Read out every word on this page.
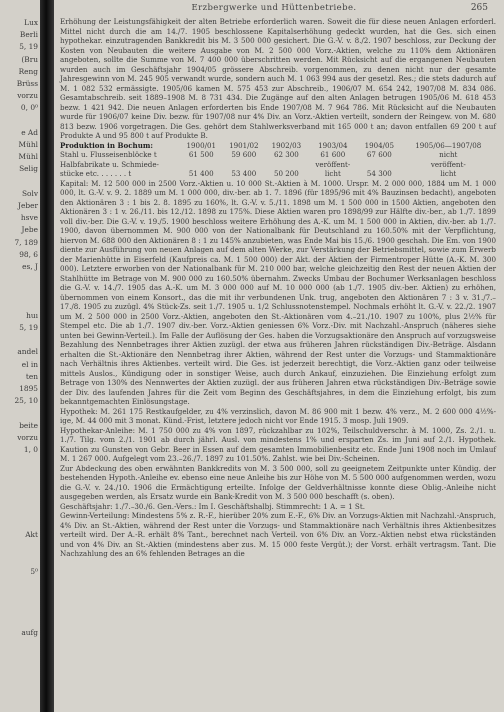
Lux
Berli
5, 19
(Bru
Reng
Brüss
vorzu
0, 0⁰
e Ad
Mühl
Mühl
Selig
Solv
Jeber
hsve
Jebe
7, 189
98, 6
es, J
huı
5, 19
andel
el in
ten
1895
25, 10
beite
vorzu
1, 0
Akt
5⁰
aufg
Erzbergwerke und Hüttenbetriebe.	265

Erhöhung der Leistungsfähigkeit der alten Betriebe erforderlich waren. Soweit die für diese neuen Anlagen erforderl. Mittel nicht durch die am 14./7. 1905 beschlossene Kapitalserhöhung gedeckt wurden, hat die Ges. sich einen hypothekar. einzutragenden Bankkredit bis M. 3 500 000 gesichert. Die G.-V. v. 8./2. 1907 beschloss, zur Deckung der Kosten von Neubauten die weitere Ausgabe von M. 2 500 000 Vorz.-Aktien, welche zu 110% dem Aktionären angeboten, sollte die Summe von M. 7 400 000 überschritten werden. Mit Rücksicht auf die ergangenen Neubauten wurden auch im Geschäftsjahr 1904/05 grössere Abschreib. vorgenommen, zu denen nicht nur der gesamte Jahresgewinn von M. 245 905 verwandt wurde, sondern auch M. 1 063 994 aus der gesetzl. Res.; die stets dadurch auf M. 1 082 532 ermässigte. 1905/06 kamen M. 575 453 zur Abschreib., 1906/07 M. 654 242, 1907/08 M. 834 086. Gesamtabschreib. seit 1889–1908 M. 8 731 434. Die Zugänge auf den alten Anlagen betrugen 1905/06 M. 618 453 bezw. 1 421 942. Die neuen Anlagen erforderten bis Ende 1907/08 M. 7 964 786. Mit Rücksicht auf die Neubauten wurde für 1906/07 keine Div. bezw. für 1907/08 nur 4% Div. an Vorz.-Aktien verteilt, sondern der Reingew. von M. 680 813 bezw. 1906 vorgetragen. Die Ges. gehört dem Stahlwerksverband mit 165 000 t an; davon entfallen 69 200 t auf Produkte A und 95 800 t auf Produkte B.

Produktion in Bochum:	1900/01	1901/02	1902/03	1903/04	1904/05	1905/06—1907/08
Stahl u. Flusseisenblöcke t	61 500	59 600	62 300	61 600	67 600	nicht
Halbfabrikate u. Schmiede-				veröffent-		veröffent-
stücke etc. . . . . . . t	51 400	53 400	50 200	licht	54 300	licht

Kapital: M. 12 500 000 in 2500 Vorz.-Aktien u. 10 000 St.-Aktien à M. 1000. Urspr. M. 2 000 000, 1884 um M. 1 000 000, lt. G.-V. v. 9. 2. 1889 um M. 1 000 000, div.-ber. ab 1. 7. 1896 (für 1895/96 mit 4% Bauzinsen bedacht), angeboten den Aktionären 3 : 1 bis 2. 8. 1895 zu 160%, lt. G.-V. v. 5./11. 1898 um M. 1 500 000 in 1500 Aktien, angeboten den Aktionären 3 : 1 v. 26./11. bis 12./12. 1898 zu 175%. Diese Aktien waren pro 1898/99 zur Hälfte div.-ber., ab 1./7. 1899 voll div.-ber. Die G.-V. v. 19./5. 1900 beschloss weitere Erhöhung des A.-K. um M. 1 500 000 in Aktien, div.-ber. ab 1./7. 1900, davon übernommen M. 900 000 von der Nationalbank für Deutschland zu 160.50% mit der Verpflichtung, hiervon M. 688 000 den Aktionären 8 : 1 zu 145% anzubieten, was Ende Mai bis 15./6. 1900 geschah. Die Em. von 1900 diente zur Ausführung von neuen Anlagen auf dem alten Werke, zur Verstärkung der Betriebsmittel, sowie zum Erwerb der Marienhütte in Eiserfeld (Kaufpreis ca. M. 1 500 000) der Akt. der Aktien der Firmentroper Hütte (A.-K. M. 300 000). Letztere erworben von der Nationalbank für M. 210 000 bar, welche gleichzeitig den Rest der neuen Aktien der Stahlhütte im Betrage von M. 900 000 zu 160.50% übernahm. Zwecks Umbau der Bochumer Werksanlagen beschloss die G.-V. v. 14./7. 1905 das A.-K. um M. 3 000 000 auf M. 10 000 000 (ab 1./7. 1905 div.-ber. Aktien) zu erhöhen, übernommen von einem Konsort., das die mit ihr verbundenen Unk. trug, angeboten den Aktionären 7 : 3 v. 31./7.–17./8. 1905 zu zuzügl. 4% Stück-Zs. seit 1./7. 1905 u. 1/2 Schlussnotenstempel. Nochmals erhöht lt. G.-V. v. 22./2. 1907 um M. 2 500 000 in 2500 Vorz.-Aktien, angeboten den St.-Aktionären vom 4.–21./10. 1907 zu 100%, plus 2½% für Stempel etc. Die ab 1./7. 1907 div.-ber. Vorz.-Aktien geniessen 6% Vorz.-Div. mit Nachzahl.-Anspruch (näheres siehe unten bei Gewinn-Verteil.). Im Falle der Auflösung der Ges. haben die Vorzugsaktionäre den Anspruch auf vorzugsweise Bezahlung des Nennbetrages ihrer Aktien zuzügl. der etwa aus früheren Jahren rückständigen Div.-Beträge. Alsdann erhalten die St.-Aktionäre den Nennbetrag ihrer Aktien, während der Rest unter die Vorzugs- und Stammaktionäre nach Verhältnis ihres Aktienbes. verteilt wird. Die Ges. ist jederzeit berechtigt, die Vorz.-Aktien ganz oder teilweise mittels Auslos., Kündigung oder in sonstiger Weise, auch durch Ankauf, einzuziehen. Die Einziehung erfolgt zum Betrage von 130% des Nennwertes der Aktien zuzügl. der aus früheren Jahren etwa rückständigen Div.-Beträge sowie der Div. des laufenden Jahres für die Zeit vom Beginn des Geschäftsjahres, in dem die Einziehung erfolgt, bis zum bekanntgemachten Einlösungstage.

Hypothek: M. 261 175 Restkaufgelder, zu 4% verzinslich, davon M. 86 900 mit 1 bezw. 4% verz., M. 2 600 000 4½%-ige, M. 44 000 mit 3 monat. Künd.-Frist, letztere jedoch nicht vor Ende 1915. 3 mosp. Juli 1909.

Hypothekar-Anleihe: M. 1 750 000 zu 4% von 1897, rückzahlbar zu 102%, Teilschuldverschr. à M. 1000, Zs. 2./1. u. 1./7. Tilg. vom 2./1. 1901 ab durch jährl. Ausl. von mindestens 1% und ersparten Zs. im Juni auf 2./1. Hypothek. Kaution zu Gunsten von Gebr. Beer in Essen auf dem gesamten Immobilienbesitz etc. Ende Juni 1908 noch im Umlauf M. 1 267 000. Aufgelegt vom 23.–26./7. 1897 zu 101.50%. Zahlst. wie bei Div.-Scheinen.

Zur Abdeckung des oben erwähnten Bankkredits von M. 3 500 000, soll zu geeignetem Zeitpunkte unter Kündig. der bestehenden Hypoth.-Anleihe ev. ebenso eine neue Anleihe bis zur Höhe von M. 5 500 000 aufgenommen werden, wozu die G.-V. v. 24./10. 1906 die Ermächtigung erteilte. Infolge der Geldverhältnisse konnte diese Oblig.-Anleihe nicht ausgegeben werden, als Ersatz wurde ein Bank-Kredit von M. 3 500 000 beschafft (s. oben).

Geschäftsjahr: 1./7.–30./6. Gen.-Vers.: Im I. Geschäftshalbj. Stimmrecht: 1 A. = 1 St.

Gewinn-Verteilung: Mindestens 5% z. R.-F., hierüber 20% zum E.-F., 6% Div. an Vorzugs-Aktien mit Nachzahl.-Anspruch, 4% Div. an St.-Aktien, während der Rest unter die Vorzugs- und Stammaktionäre nach Verhältnis ihres Aktienbesitzes verteilt wird. Der A.-R. erhält 8% Tant., berechnet nach Verteil. von 6% Div. an Vorz.-Aktien nebst etwa rückständen und von 4% Div. an St.-Aktien (mindestens aber zus. M. 15 000 feste Vergüt.); der Vorst. erhält vertragsm. Tant. Die Nachzahlung des an 6% fehlenden Betrages an die
